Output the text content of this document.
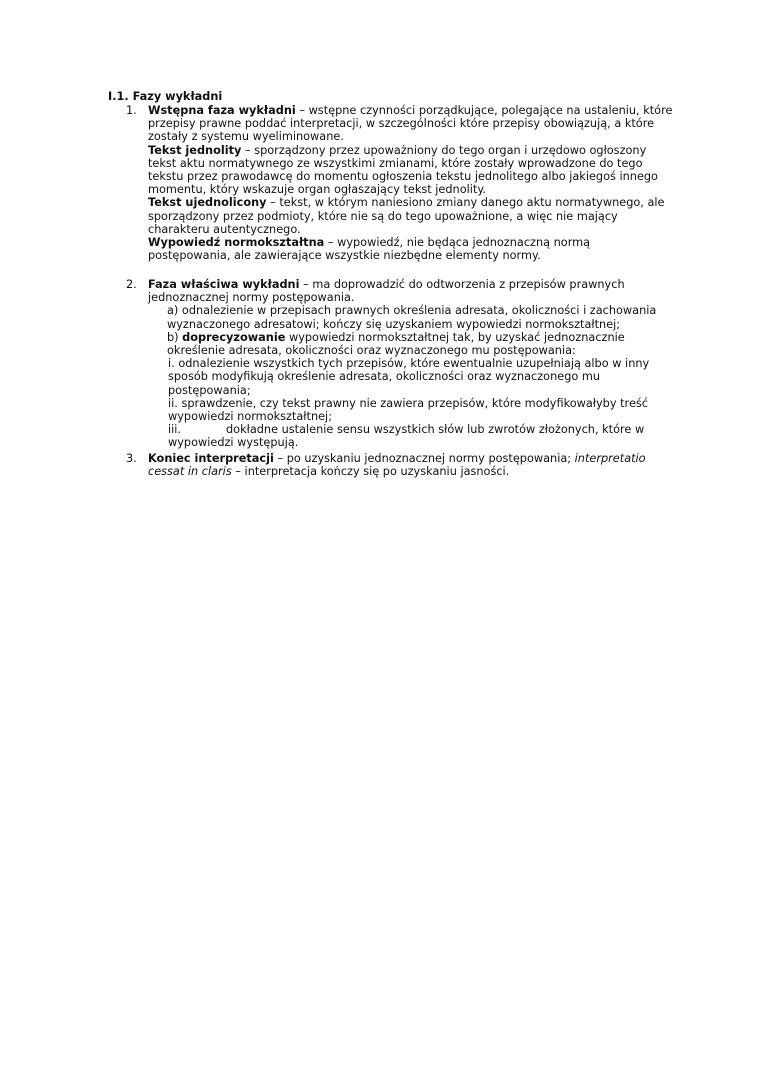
I.1. Fazy wykładni
1. Wstępna faza wykładni – wstępne czynności porządkujące, polegające na ustaleniu, które przepisy prawne poddać interpretacji, w szczególności które przepisy obowiązują, a które zostały z systemu wyeliminowane.

Tekst jednolity – sporządzony przez upoważniony do tego organ i urzędowo ogłoszony tekst aktu normatywnego ze wszystkimi zmianami, które zostały wprowadzone do tego tekstu przez prawodawcę do momentu ogłoszenia tekstu jednolitego albo jakiegoś innego momentu, który wskazuje organ ogłaszający tekst jednolity.

Tekst ujednolicony – tekst, w którym naniesiono zmiany danego aktu normatywnego, ale sporządzony przez podmioty, które nie są do tego upoważnione, a więc nie mający charakteru autentycznego.

Wypowiedź normokształtna – wypowiedź, nie będąca jednoznaczną normą postępowania, ale zawierające wszystkie niezbędne elementy normy.

2. Faza właściwa wykładni – ma doprowadzić do odtworzenia z przepisów prawnych jednoznacznej normy postępowania.

a) odnalezienie w przepisach prawnych określenia adresata, okoliczności i zachowania wyznaczonego adresatowi; kończy się uzyskaniem wypowiedzi normokształtnej;

b) doprecyzowanie wypowiedzi normokształtnej tak, by uzyskać jednoznacznie określenie adresata, okoliczności oraz wyznaczonego mu postępowania:

i. odnalezienie wszystkich tych przepisów, które ewentualnie uzupełniają albo w inny sposób modyfikują określenie adresata, okoliczności oraz wyznaczonego mu postępowania;

ii. sprawdzenie, czy tekst prawny nie zawiera przepisów, które modyfikowałyby treść wypowiedzi normokształtnej;

iii.	dokładne ustalenie sensu wszystkich słów lub zwrotów złożonych, które w wypowiedzi występują.

3. Koniec interpretacji – po uzyskaniu jednoznacznej normy postępowania; interpretatio cessat in claris – interpretacja kończy się po uzyskaniu jasności.
